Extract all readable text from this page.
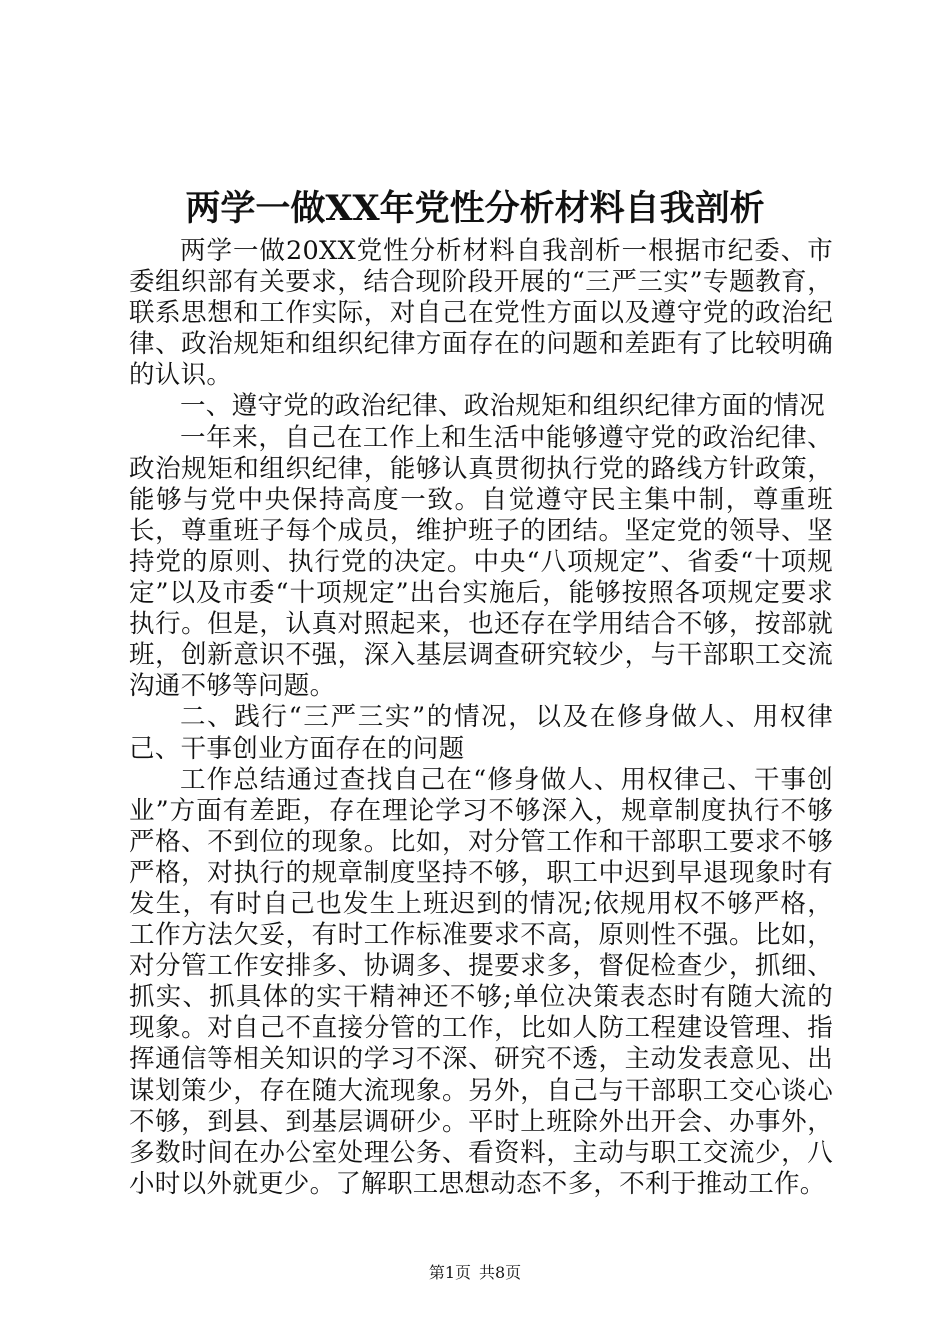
两学一做XX年党性分析材料自我剖析

两学一做20XX党性分析材料自我剖析一根据市纪委、市委组织部有关要求，结合现阶段开展的“三严三实”专题教育，联系思想和工作实际，对自己在党性方面以及遵守党的政治纪律、政治规矩和组织纪律方面存在的问题和差距有了比较明确的认识。

一、遵守党的政治纪律、政治规矩和组织纪律方面的情况

一年来，自己在工作上和生活中能够遵守党的政治纪律、政治规矩和组织纪律，能够认真贯彻执行党的路线方针政策，能够与党中央保持高度一致。自觉遵守民主集中制，尊重班长，尊重班子每个成员，维护班子的团结。坚定党的领导、坚持党的原则、执行党的决定。中央“八项规定”、省委“十项规定”以及市委“十项规定”出台实施后，能够按照各项规定要求执行。但是，认真对照起来，也还存在学用结合不够，按部就班，创新意识不强，深入基层调查研究较少，与干部职工交流沟通不够等问题。

二、践行“三严三实”的情况，以及在修身做人、用权律己、干事创业方面存在的问题

工作总结通过查找自己在“修身做人、用权律己、干事创业”方面有差距，存在理论学习不够深入，规章制度执行不够严格、不到位的现象。比如，对分管工作和干部职工要求不够严格，对执行的规章制度坚持不够，职工中迟到早退现象时有发生，有时自己也发生上班迟到的情况;依规用权不够严格，工作方法欠妥，有时工作标准要求不高，原则性不强。比如，对分管工作安排多、协调多、提要求多，督促检查少，抓细、抓实、抓具体的实干精神还不够;单位决策表态时有随大流的现象。对自己不直接分管的工作，比如人防工程建设管理、指挥通信等相关知识的学习不深、研究不透，主动发表意见、出谋划策少，存在随大流现象。另外，自己与干部职工交心谈心不够，到县、到基层调研少。平时上班除外出开会、办事外，多数时间在办公室处理公务、看资料，主动与职工交流少，八小时以外就更少。了解职工思想动态不多，不利于推动工作。

第1页 共8页
